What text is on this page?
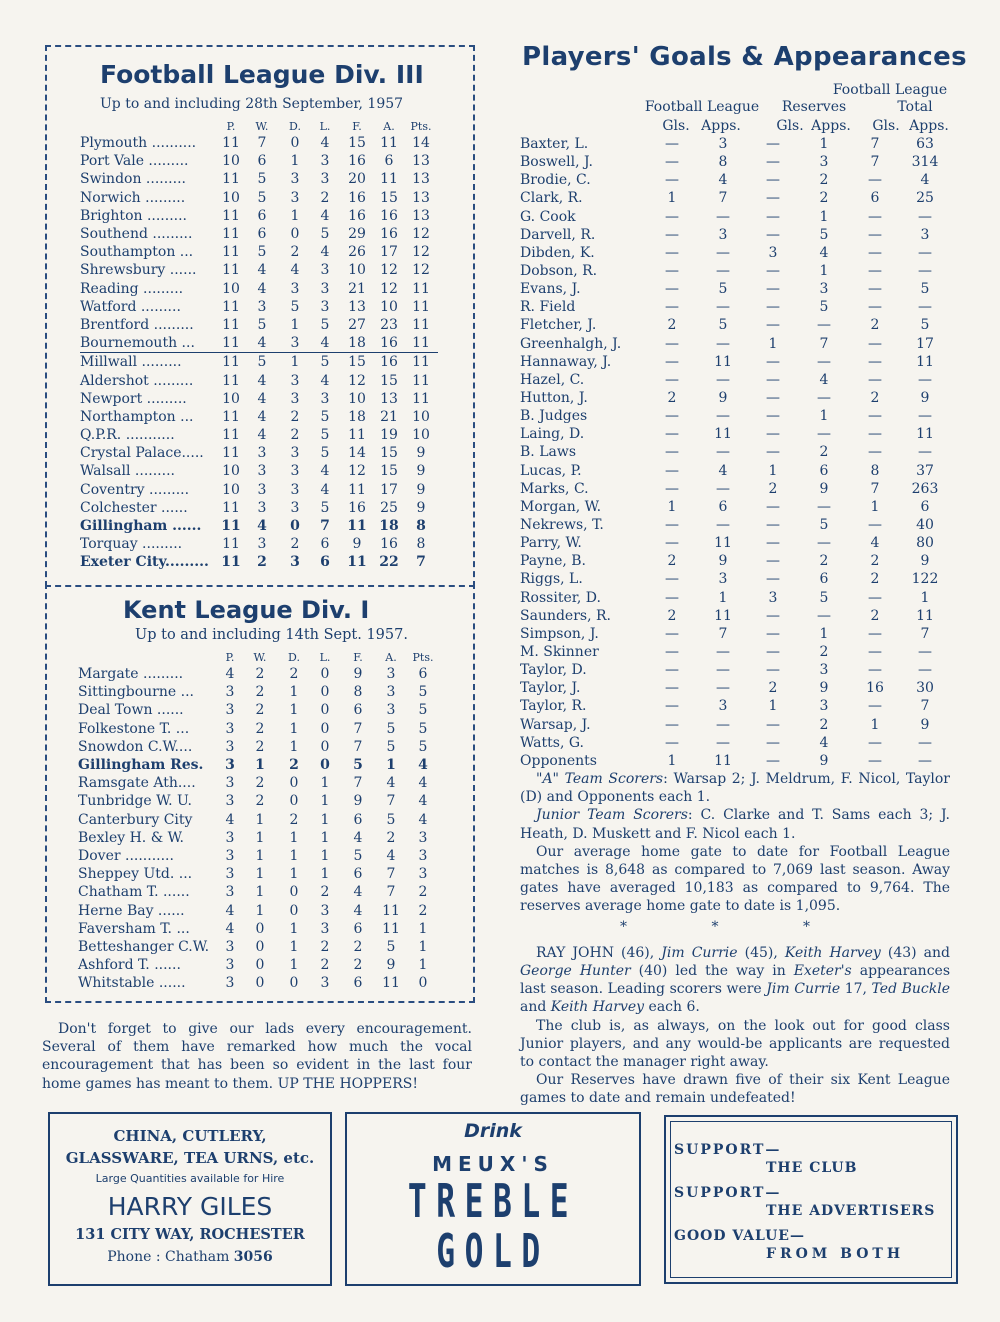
Football League Div. III
Up to and including 28th September, 1957
	P.	W.	D.	L.	F.	A.	Pts.
Plymouth ..........	11	7	0	4	15	11	14
Port Vale .........	10	6	1	3	16	6	13
Swindon .........	11	5	3	3	20	11	13
Norwich .........	10	5	3	2	16	15	13
Brighton .........	11	6	1	4	16	16	13
Southend .........	11	6	0	5	29	16	12
Southampton ...	11	5	2	4	26	17	12
Shrewsbury ......	11	4	4	3	10	12	12
Reading .........	10	4	3	3	21	12	11
Watford .........	11	3	5	3	13	10	11
Brentford .........	11	5	1	5	27	23	11
Bournemouth ...	11	4	3	4	18	16	11
Millwall .........	11	5	1	5	15	16	11
Aldershot .........	11	4	3	4	12	15	11
Newport .........	10	4	3	3	10	13	11
Northampton ...	11	4	2	5	18	21	10
Q.P.R. ...........	11	4	2	5	11	19	10
Crystal Palace.....	11	3	3	5	14	15	9
Walsall .........	10	3	3	4	12	15	9
Coventry .........	10	3	3	4	11	17	9
Colchester ......	11	3	3	5	16	25	9
Gillingham ......	11	4	0	7	11	18	8
Torquay .........	11	3	2	6	9	16	8
Exeter City.........	11	2	3	6	11	22	7
Kent League Div. I
Up to and including 14th Sept. 1957.
	P.	W.	D.	L.	F.	A.	Pts.
Margate .........	4	2	2	0	9	3	6
Sittingbourne ...	3	2	1	0	8	3	5
Deal Town ......	3	2	1	0	6	3	5
Folkestone T. ...	3	2	1	0	7	5	5
Snowdon C.W....	3	2	1	0	7	5	5
Gillingham Res.	3	1	2	0	5	1	4
Ramsgate Ath....	3	2	0	1	7	4	4
Tunbridge W. U.	3	2	0	1	9	7	4
Canterbury City	4	1	2	1	6	5	4
Bexley H. & W.	3	1	1	1	4	2	3
Dover ...........	3	1	1	1	5	4	3
Sheppey Utd. ...	3	1	1	1	6	7	3
Chatham T. ......	3	1	0	2	4	7	2
Herne Bay ......	4	1	0	3	4	11	2
Faversham T. ...	4	0	1	3	6	11	1
Betteshanger C.W.	3	0	1	2	2	5	1
Ashford T. ......	3	0	1	2	2	9	1
Whitstable ......	3	0	0	3	6	11	0
Don't forget to give our lads every encouragement. Several of them have remarked how much the vocal encouragement that has been so evident in the last four home games has meant to them. UP THE HOPPERS!
Players' Goals & Appearances
Football League
Football League	Reserves	Total
Gls. Apps.	Gls. Apps.	Gls. Apps.
Baxter, L.	—	3	—	1	7	63
Boswell, J.	—	8	—	3	7	314
Brodie, C.	—	4	—	2	—	4
Clark, R.	1	7	—	2	6	25
G. Cook	—	—	—	1	—	—
Darvell, R.	—	3	—	5	—	3
Dibden, K.	—	—	3	4	—	—
Dobson, R.	—	—	—	1	—	—
Evans, J.	—	5	—	3	—	5
R. Field	—	—	—	5	—	—
Fletcher, J.	2	5	—	—	2	5
Greenhalgh, J.	—	—	1	7	—	17
Hannaway, J.	—	11	—	—	—	11
Hazel, C.	—	—	—	4	—	—
Hutton, J.	2	9	—	—	2	9
B. Judges	—	—	—	1	—	—
Laing, D.	—	11	—	—	—	11
B. Laws	—	—	—	2	—	—
Lucas, P.	—	4	1	6	8	37
Marks, C.	—	—	2	9	7	263
Morgan, W.	1	6	—	—	1	6
Nekrews, T.	—	—	—	5	—	40
Parry, W.	—	11	—	—	4	80
Payne, B.	2	9	—	2	2	9
Riggs, L.	—	3	—	6	2	122
Rossiter, D.	—	1	3	5	—	1
Saunders, R.	2	11	—	—	2	11
Simpson, J.	—	7	—	1	—	7
M. Skinner	—	—	—	2	—	—
Taylor, D.	—	—	—	3	—	—
Taylor, J.	—	—	2	9	16	30
Taylor, R.	—	3	1	3	—	7
Warsap, J.	—	—	—	2	1	9
Watts, G.	—	—	—	4	—	—
Opponents	1	11	—	9	—	—

"A" Team Scorers: Warsap 2; J. Meldrum, F. Nicol, Taylor (D) and Opponents each 1.

Junior Team Scorers: C. Clarke and T. Sams each 3; J. Heath, D. Muskett and F. Nicol each 1.

Our average home gate to date for Football League matches is 8,648 as compared to 7,069 last season. Away gates have averaged 10,183 as compared to 9,764. The reserves average home gate to date is 1,095.

* * *

RAY JOHN (46), Jim Currie (45), Keith Harvey (43) and George Hunter (40) led the way in Exeter's appearances last season. Leading scorers were Jim Currie 17, Ted Buckle and Keith Harvey each 6.

The club is, as always, on the look out for good class Junior players, and any would-be applicants are requested to contact the manager right away.

Our Reserves have drawn five of their six Kent League games to date and remain undefeated!

CHINA, CUTLERY,
GLASSWARE, TEA URNS, etc.
Large Quantities available for Hire
HARRY GILES
131 CITY WAY, ROCHESTER
Phone : Chatham 3056
Drink
MEUX'S
TREBLE
GOLD
SUPPORT—
THE CLUB
SUPPORT—
THE ADVERTISERS
GOOD VALUE—
FROM BOTH
